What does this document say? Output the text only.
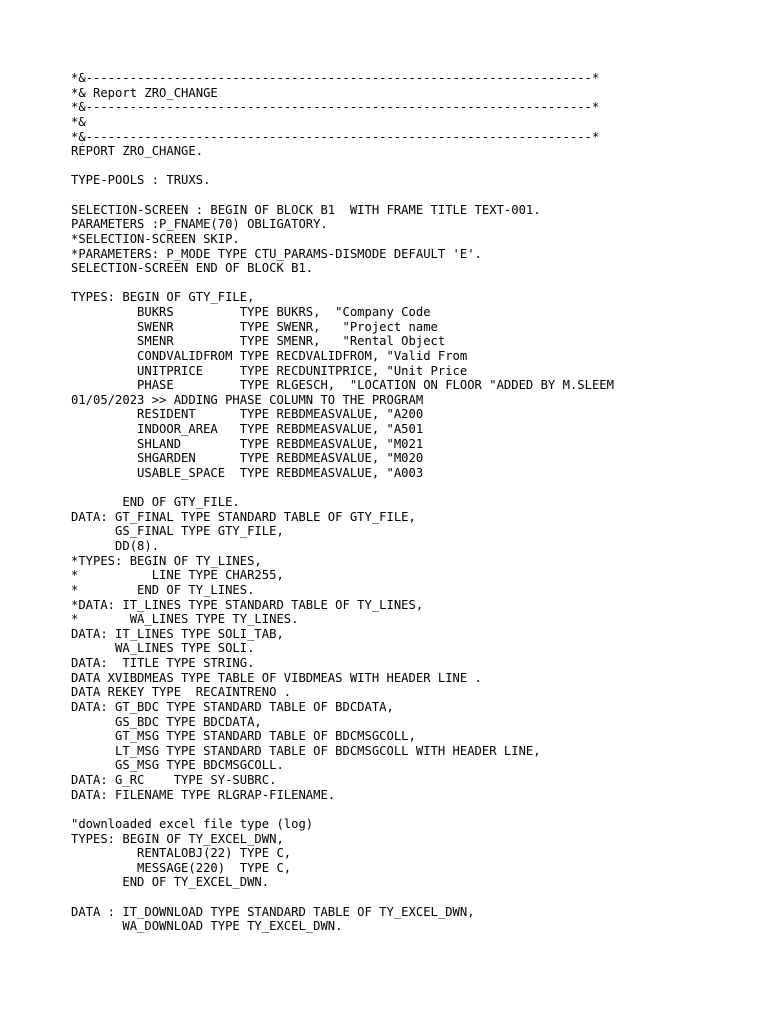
*&---------------------------------------------------------------------*
*& Report ZRO_CHANGE
*&---------------------------------------------------------------------*
*&
*&---------------------------------------------------------------------*
REPORT ZRO_CHANGE.
TYPE-POOLS : TRUXS.
SELECTION-SCREEN : BEGIN OF BLOCK B1  WITH FRAME TITLE TEXT-001.
PARAMETERS :P_FNAME(70) OBLIGATORY.
*SELECTION-SCREEN SKIP.
*PARAMETERS: P_MODE TYPE CTU_PARAMS-DISMODE DEFAULT 'E'.
SELECTION-SCREEN END OF BLOCK B1.
TYPES: BEGIN OF GTY_FILE,
BUKRS         TYPE BUKRS,  "Company Code
SWENR         TYPE SWENR,   "Project name
SMENR         TYPE SMENR,   "Rental Object
CONDVALIDFROM TYPE RECDVALIDFROM, "Valid From
UNITPRICE     TYPE RECDUNITPRICE, "Unit Price
PHASE         TYPE RLGESCH,  "LOCATION ON FLOOR "ADDED BY M.SLEEM
01/05/2023 >> ADDING PHASE COLUMN TO THE PROGRAM
RESIDENT      TYPE REBDMEASVALUE, "A200
INDOOR_AREA   TYPE REBDMEASVALUE, "A501
SHLAND        TYPE REBDMEASVALUE, "M021
SHGARDEN      TYPE REBDMEASVALUE, "M020
USABLE_SPACE  TYPE REBDMEASVALUE, "A003
END OF GTY_FILE.
DATA: GT_FINAL TYPE STANDARD TABLE OF GTY_FILE,
GS_FINAL TYPE GTY_FILE,
DD(8).
*TYPES: BEGIN OF TY_LINES,
*          LINE TYPE CHAR255,
*        END OF TY_LINES.
*DATA: IT_LINES TYPE STANDARD TABLE OF TY_LINES,
*       WA_LINES TYPE TY_LINES.
DATA: IT_LINES TYPE SOLI_TAB,
WA_LINES TYPE SOLI.
DATA:  TITLE TYPE STRING.
DATA XVIBDMEAS TYPE TABLE OF VIBDMEAS WITH HEADER LINE .
DATA REKEY TYPE  RECAINTRENO .
DATA: GT_BDC TYPE STANDARD TABLE OF BDCDATA,
GS_BDC TYPE BDCDATA,
GT_MSG TYPE STANDARD TABLE OF BDCMSGCOLL,
LT_MSG TYPE STANDARD TABLE OF BDCMSGCOLL WITH HEADER LINE,
GS_MSG TYPE BDCMSGCOLL.
DATA: G_RC    TYPE SY-SUBRC.
DATA: FILENAME TYPE RLGRAP-FILENAME.
"downloaded excel file type (log)
TYPES: BEGIN OF TY_EXCEL_DWN,
RENTALOBJ(22) TYPE C,
MESSAGE(220)  TYPE C,
END OF TY_EXCEL_DWN.
DATA : IT_DOWNLOAD TYPE STANDARD TABLE OF TY_EXCEL_DWN,
WA_DOWNLOAD TYPE TY_EXCEL_DWN.
